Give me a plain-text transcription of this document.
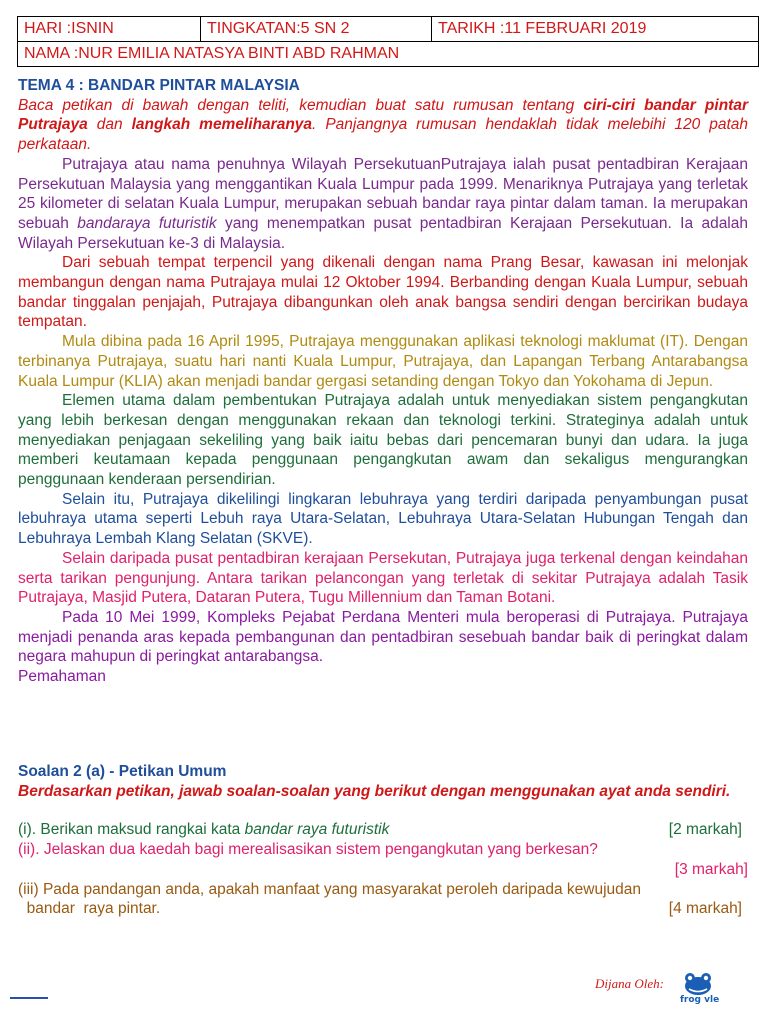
HARI :ISNIN	TINGKATAN:5 SN 2	TARIKH :11 FEBRUARI 2019
NAMA :NUR EMILIA NATASYA BINTI ABD RAHMAN

TEMA 4 : BANDAR PINTAR MALAYSIA

Baca petikan di bawah dengan teliti, kemudian buat satu rumusan tentang ciri-ciri bandar pintar Putrajaya dan langkah memeliharanya. Panjangnya rumusan hendaklah tidak melebihi 120 patah perkataan.

Putrajaya atau nama penuhnya Wilayah PersekutuanPutrajaya ialah pusat pentadbiran Kerajaan Persekutuan Malaysia yang menggantikan Kuala Lumpur pada 1999. Menariknya Putrajaya yang terletak 25 kilometer di selatan Kuala Lumpur, merupakan sebuah bandar raya pintar dalam taman. Ia merupakan sebuah bandaraya futuristik yang menempatkan pusat pentadbiran Kerajaan Persekutuan. Ia adalah Wilayah Persekutuan ke-3 di Malaysia.

Dari sebuah tempat terpencil yang dikenali dengan nama Prang Besar, kawasan ini melonjak membangun dengan nama Putrajaya mulai 12 Oktober 1994. Berbanding dengan Kuala Lumpur, sebuah bandar tinggalan penjajah, Putrajaya dibangunkan oleh anak bangsa sendiri dengan bercirikan budaya tempatan.

Mula dibina pada 16 April 1995, Putrajaya menggunakan aplikasi teknologi maklumat (IT). Dengan terbinanya Putrajaya, suatu hari nanti Kuala Lumpur, Putrajaya, dan Lapangan Terbang Antarabangsa Kuala Lumpur (KLIA) akan menjadi bandar gergasi setanding dengan Tokyo dan Yokohama di Jepun.

Elemen utama dalam pembentukan Putrajaya adalah untuk menyediakan sistem pengangkutan yang lebih berkesan dengan menggunakan rekaan dan teknologi terkini. Strateginya adalah untuk menyediakan penjagaan sekeliling yang baik iaitu bebas dari pencemaran bunyi dan udara. Ia juga memberi keutamaan kepada penggunaan pengangkutan awam dan sekaligus mengurangkan penggunaan kenderaan persendirian.

Selain itu, Putrajaya dikelilingi lingkaran lebuhraya yang terdiri daripada penyambungan pusat lebuhraya utama seperti Lebuh raya Utara-Selatan, Lebuhraya Utara-Selatan Hubungan Tengah dan Lebuhraya Lembah Klang Selatan (SKVE).

Selain daripada pusat pentadbiran kerajaan Persekutan, Putrajaya juga terkenal dengan keindahan serta tarikan pengunjung. Antara tarikan pelancongan yang terletak di sekitar Putrajaya adalah Tasik Putrajaya, Masjid Putera, Dataran Putera, Tugu Millennium dan Taman Botani.

Pada 10 Mei 1999, Kompleks Pejabat Perdana Menteri mula beroperasi di Putrajaya. Putrajaya menjadi penanda aras kepada pembangunan dan pentadbiran sesebuah bandar baik di peringkat dalam negara mahupun di peringkat antarabangsa.

Pemahaman

Soalan 2 (a) - Petikan Umum

Berdasarkan petikan, jawab soalan-soalan yang berikut dengan menggunakan ayat anda sendiri.

(i). Berikan maksud rangkai kata bandar raya futuristik	[2 markah]

(ii). Jelaskan dua kaedah bagi merealisasikan sistem pengangkutan yang berkesan?

[3 markah]

(iii) Pada pandangan anda, apakah manfaat yang masyarakat peroleh daripada kewujudan

bandar  raya pintar.	[4 markah]

Dijana Oleh:
frog vle
